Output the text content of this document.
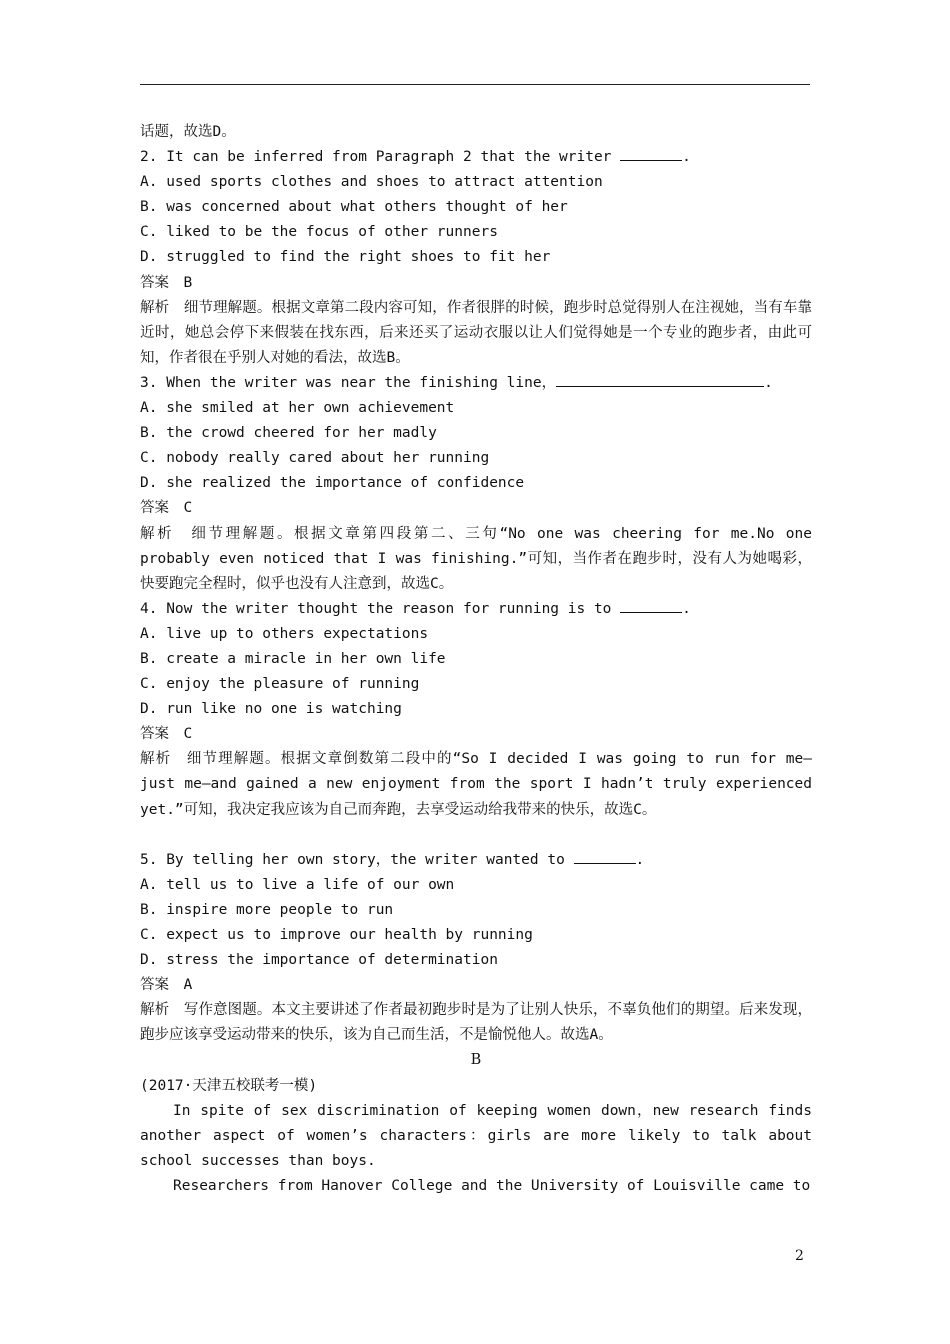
话题，故选D。
2. It can be inferred from Paragraph 2 that the writer	.
A. used sports clothes and shoes to attract attention
B. was concerned about what others thought of her
C. liked to be the focus of other runners
D. struggled to find the right shoes to fit her
答案　B
解析　细节理解题。根据文章第二段内容可知，作者很胖的时候，跑步时总觉得别人在注视她，当有车靠近时，她总会停下来假装在找东西，后来还买了运动衣服以让人们觉得她是一个专业的跑步者，由此可知，作者很在乎别人对她的看法，故选B。
3. When the writer was near the finishing line，	.
A. she smiled at her own achievement
B. the crowd cheered for her madly
C. nobody really cared about her running
D. she realized the importance of confidence
答案　C
解析　细节理解题。根据文章第四段第二、三句“No one was cheering for me.No one probably even noticed that I was finishing.”可知，当作者在跑步时，没有人为她喝彩，快要跑完全程时，似乎也没有人注意到，故选C。
4. Now the writer thought the reason for running is to	.
A. live up to others expectations
B. create a miracle in her own life
C. enjoy the pleasure of running
D. run like no one is watching
答案　C
解析　细节理解题。根据文章倒数第二段中的“So I decided I was going to run for me—just me—and gained a new enjoyment from the sport I hadn’t truly experienced yet.”可知，我决定我应该为自己而奔跑，去享受运动给我带来的快乐，故选C。
5. By telling her own story，the writer wanted to	.
A. tell us to live a life of our own
B. inspire more people to run
C. expect us to improve our health by running
D. stress the importance of determination
答案　A
解析　写作意图题。本文主要讲述了作者最初跑步时是为了让别人快乐，不辜负他们的期望。后来发现，跑步应该享受运动带来的快乐，该为自己而生活，不是愉悦他人。故选A。
B
(2017·天津五校联考一模)
In spite of sex discrimination of keeping women down，new research finds another aspect of women’s characters：girls are more likely to talk about school successes than boys.
Researchers from Hanover College and the University of Louisville came to
2
